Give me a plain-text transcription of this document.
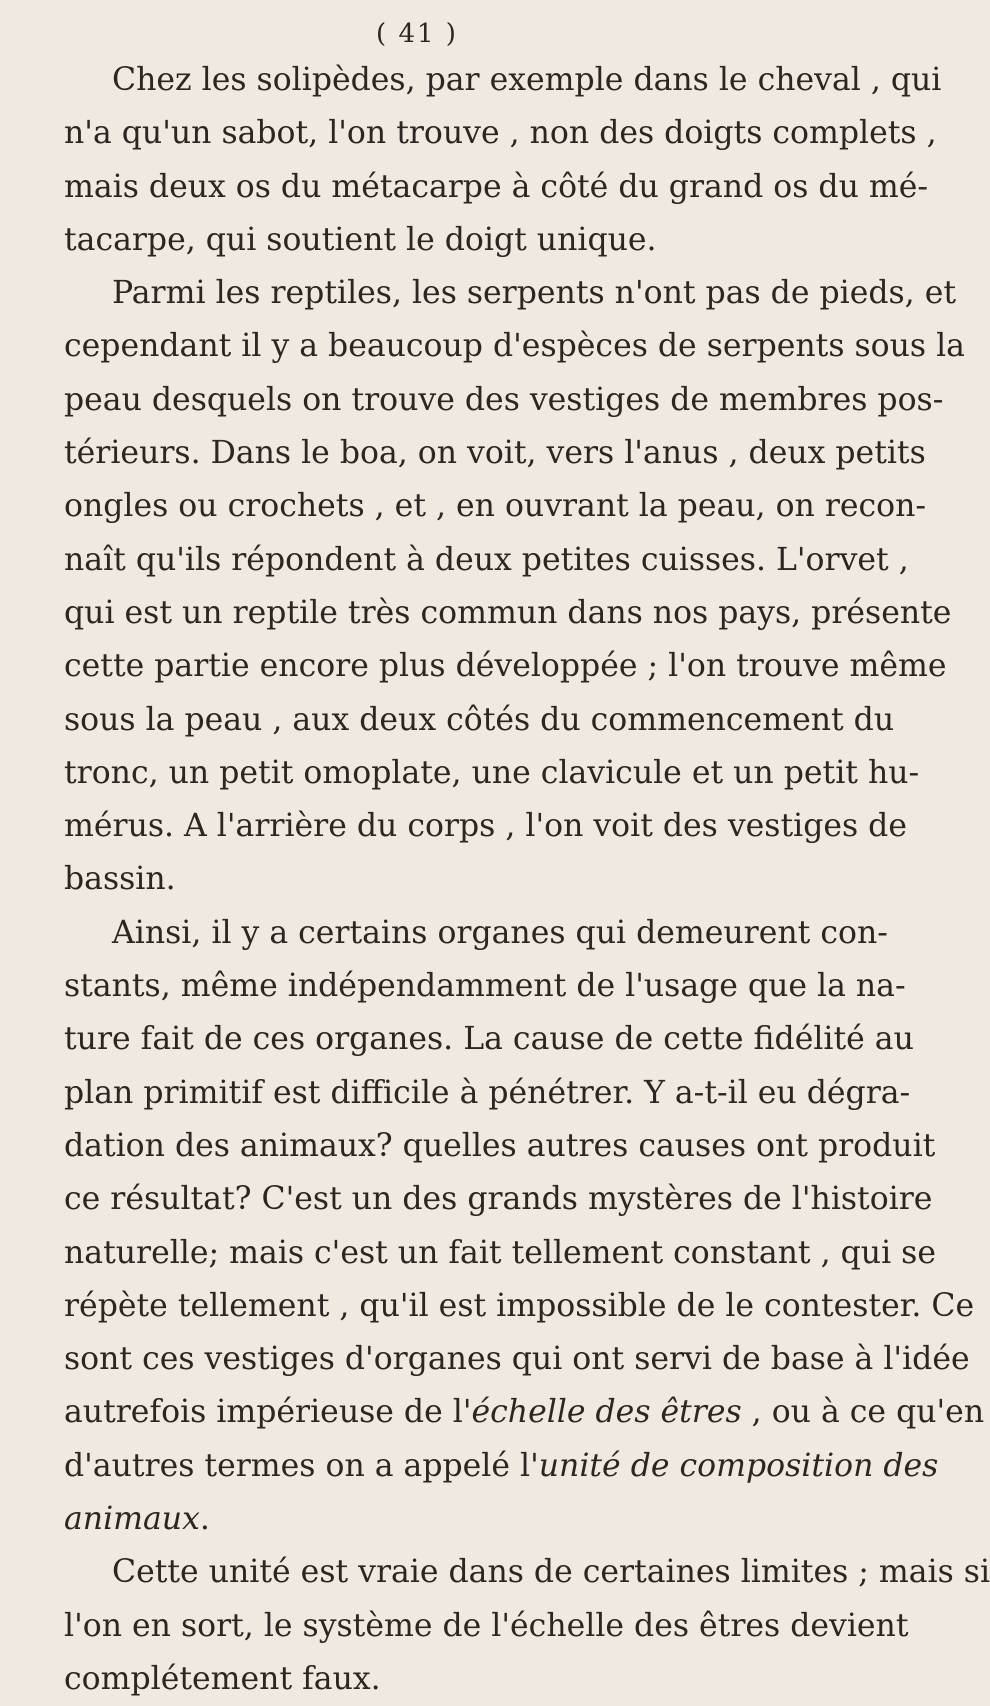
( 41 )
Chez les solipèdes, par exemple dans le cheval , qui
n'a qu'un sabot, l'on trouve , non des doigts complets ,
mais deux os du métacarpe à côté du grand os du mé-
tacarpe, qui soutient le doigt unique.
Parmi les reptiles, les serpents n'ont pas de pieds, et
cependant il y a beaucoup d'espèces de serpents sous la
peau desquels on trouve des vestiges de membres pos-
térieurs. Dans le boa, on voit, vers l'anus , deux petits
ongles ou crochets , et , en ouvrant la peau, on recon-
naît qu'ils répondent à deux petites cuisses. L'orvet ,
qui est un reptile très commun dans nos pays, présente
cette partie encore plus développée ; l'on trouve même
sous la peau , aux deux côtés du commencement du
tronc, un petit omoplate, une clavicule et un petit hu-
mérus. A l'arrière du corps , l'on voit des vestiges de
bassin.
Ainsi, il y a certains organes qui demeurent con-
stants, même indépendamment de l'usage que la na-
ture fait de ces organes. La cause de cette fidélité au
plan primitif est difficile à pénétrer. Y a-t-il eu dégra-
dation des animaux? quelles autres causes ont produit
ce résultat? C'est un des grands mystères de l'histoire
naturelle; mais c'est un fait tellement constant , qui se
répète tellement , qu'il est impossible de le contester. Ce
sont ces vestiges d'organes qui ont servi de base à l'idée
autrefois impérieuse de l'échelle des êtres , ou à ce qu'en
d'autres termes on a appelé l'unité de composition des
animaux.
Cette unité est vraie dans de certaines limites ; mais si
l'on en sort, le système de l'échelle des êtres devient
complétement faux.
